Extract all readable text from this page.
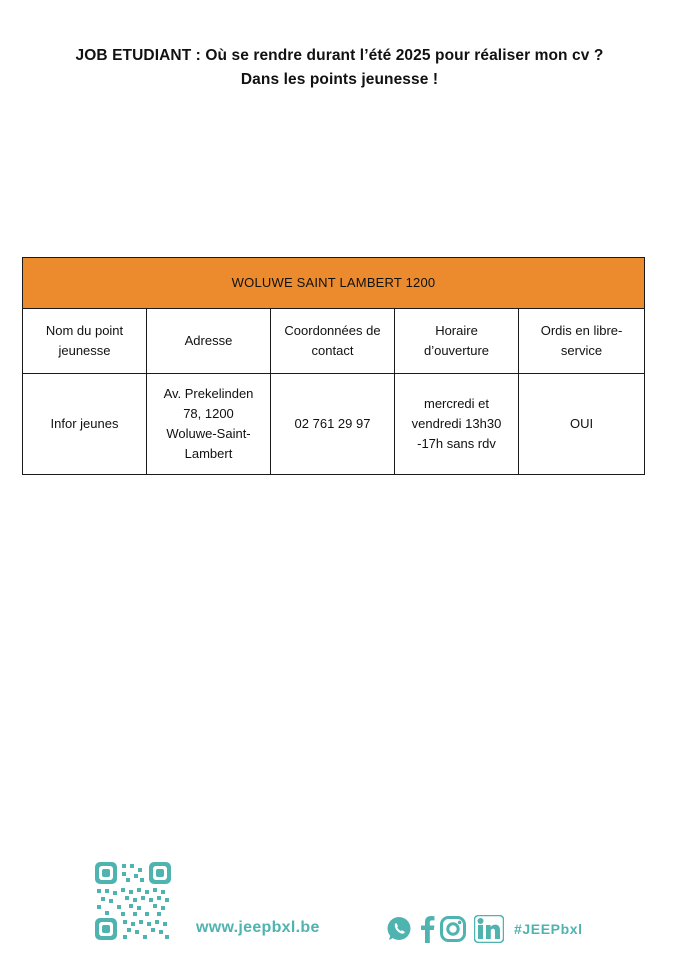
JOB ETUDIANT : Où se rendre durant l’été 2025 pour réaliser mon cv ?
Dans les points jeunesse !
WOLUWE SAINT LAMBERT 1200				
Nom du point jeunesse	Adresse	Coordonnées de contact	Horaire d’ouverture	Ordis en libre-service
Infor jeunes	Av. Prekelinden 78, 1200 Woluwe-Saint-Lambert	02 761 29 97	mercredi et vendredi 13h30 -17h sans rdv	OUI
www.jeepbxl.be	#JEEPbxl
